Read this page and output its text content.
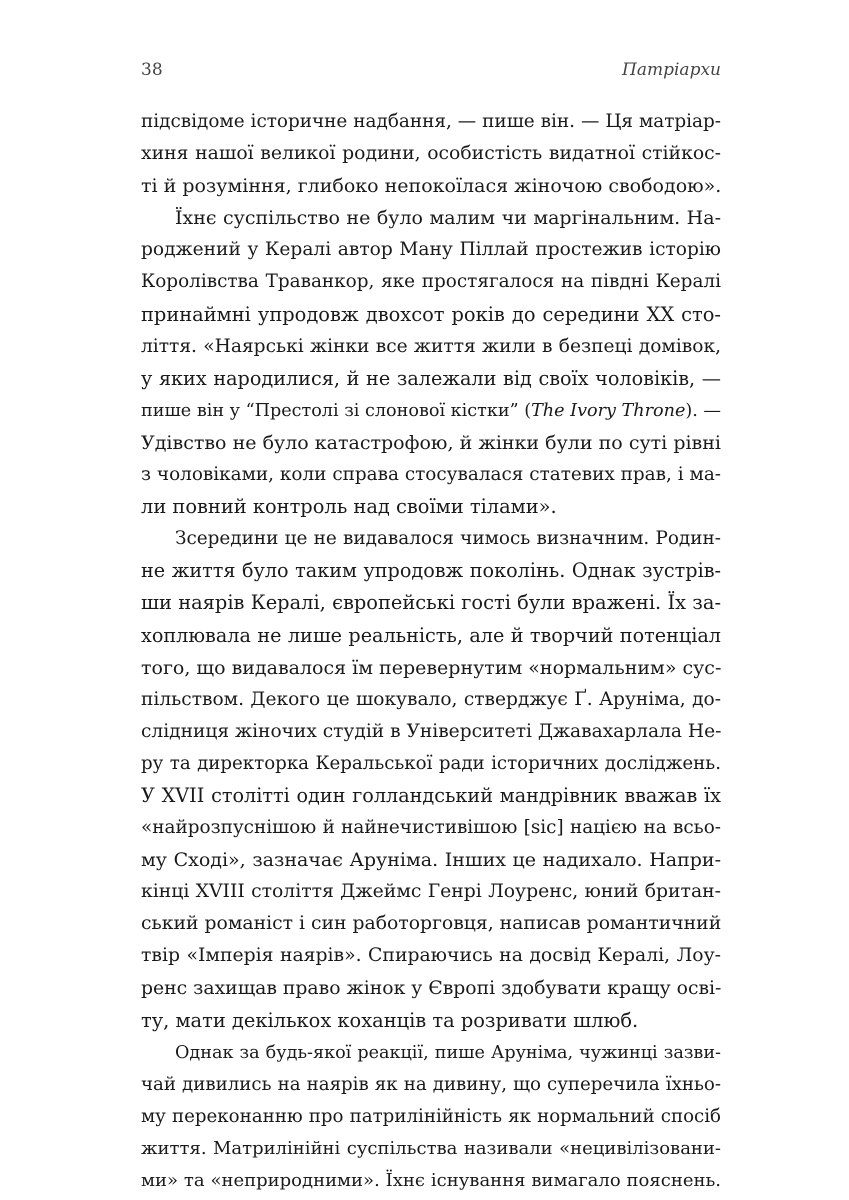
38	Патріархи
підсвідоме історичне надбання, — пише він. — Ця матріар-
хиня нашої великої родини, особистість видатної стійкос-
ті й розуміння, глибоко непокоїлася жіночою свободою».
Їхнє суспільство не було малим чи маргінальним. На-
роджений у Кералі автор Ману Піллай простежив історію
Королівства Траванкор, яке простягалося на півдні Кералі
принаймні упродовж двохсот років до середини XX сто-
ліття. «Наярські жінки все життя жили в безпеці домівок,
у яких народилися, й не залежали від своїх чоловіків, —
пише він у “Престолі зі слонової кістки” (The Ivory Throne). —
Удівство не було катастрофою, й жінки були по суті рівні
з чоловіками, коли справа стосувалася статевих прав, і ма-
ли повний контроль над своїми тілами».
Зсередини це не видавалося чимось визначним. Родин-
не життя було таким упродовж поколінь. Однак зустрів-
ши наярів Кералі, європейські гості були вражені. Їх за-
хоплювала не лише реальність, але й творчий потенціал
того, що видавалося їм перевернутим «нормальним» сус-
пільством. Декого це шокувало, стверджує Ґ. Арунімa, до-
слідниця жіночих студій в Університеті Джавахарлала Не-
ру та директорка Керальської ради історичних досліджень.
У XVII столітті один голландський мандрівник вважав їх
«найрозпуснішою й найнечистивішою [sic] нацією на всьо-
му Сході», зазначає Арунімa. Інших це надихало. Напри-
кінці XVIII століття Джеймс Генрі Лоуренс, юний британ-
ський романіст і син работорговця, написав романтичний
твір «Імперія наярів». Спираючись на досвід Кералі, Лоу-
ренс захищав право жінок у Європі здобувати кращу осві-
ту, мати декількох коханців та розривати шлюб.
Однак за будь-якої реакції, пише Арунімa, чужинці зазви-
чай дивились на наярів як на дивину, що суперечила їхньо-
му переконанню про патрилінійність як нормальний спосіб
життя. Матрилінійні суспільства називали «нецивілізовани-
ми» та «неприродними». Їхнє існування вимагало пояснень.
